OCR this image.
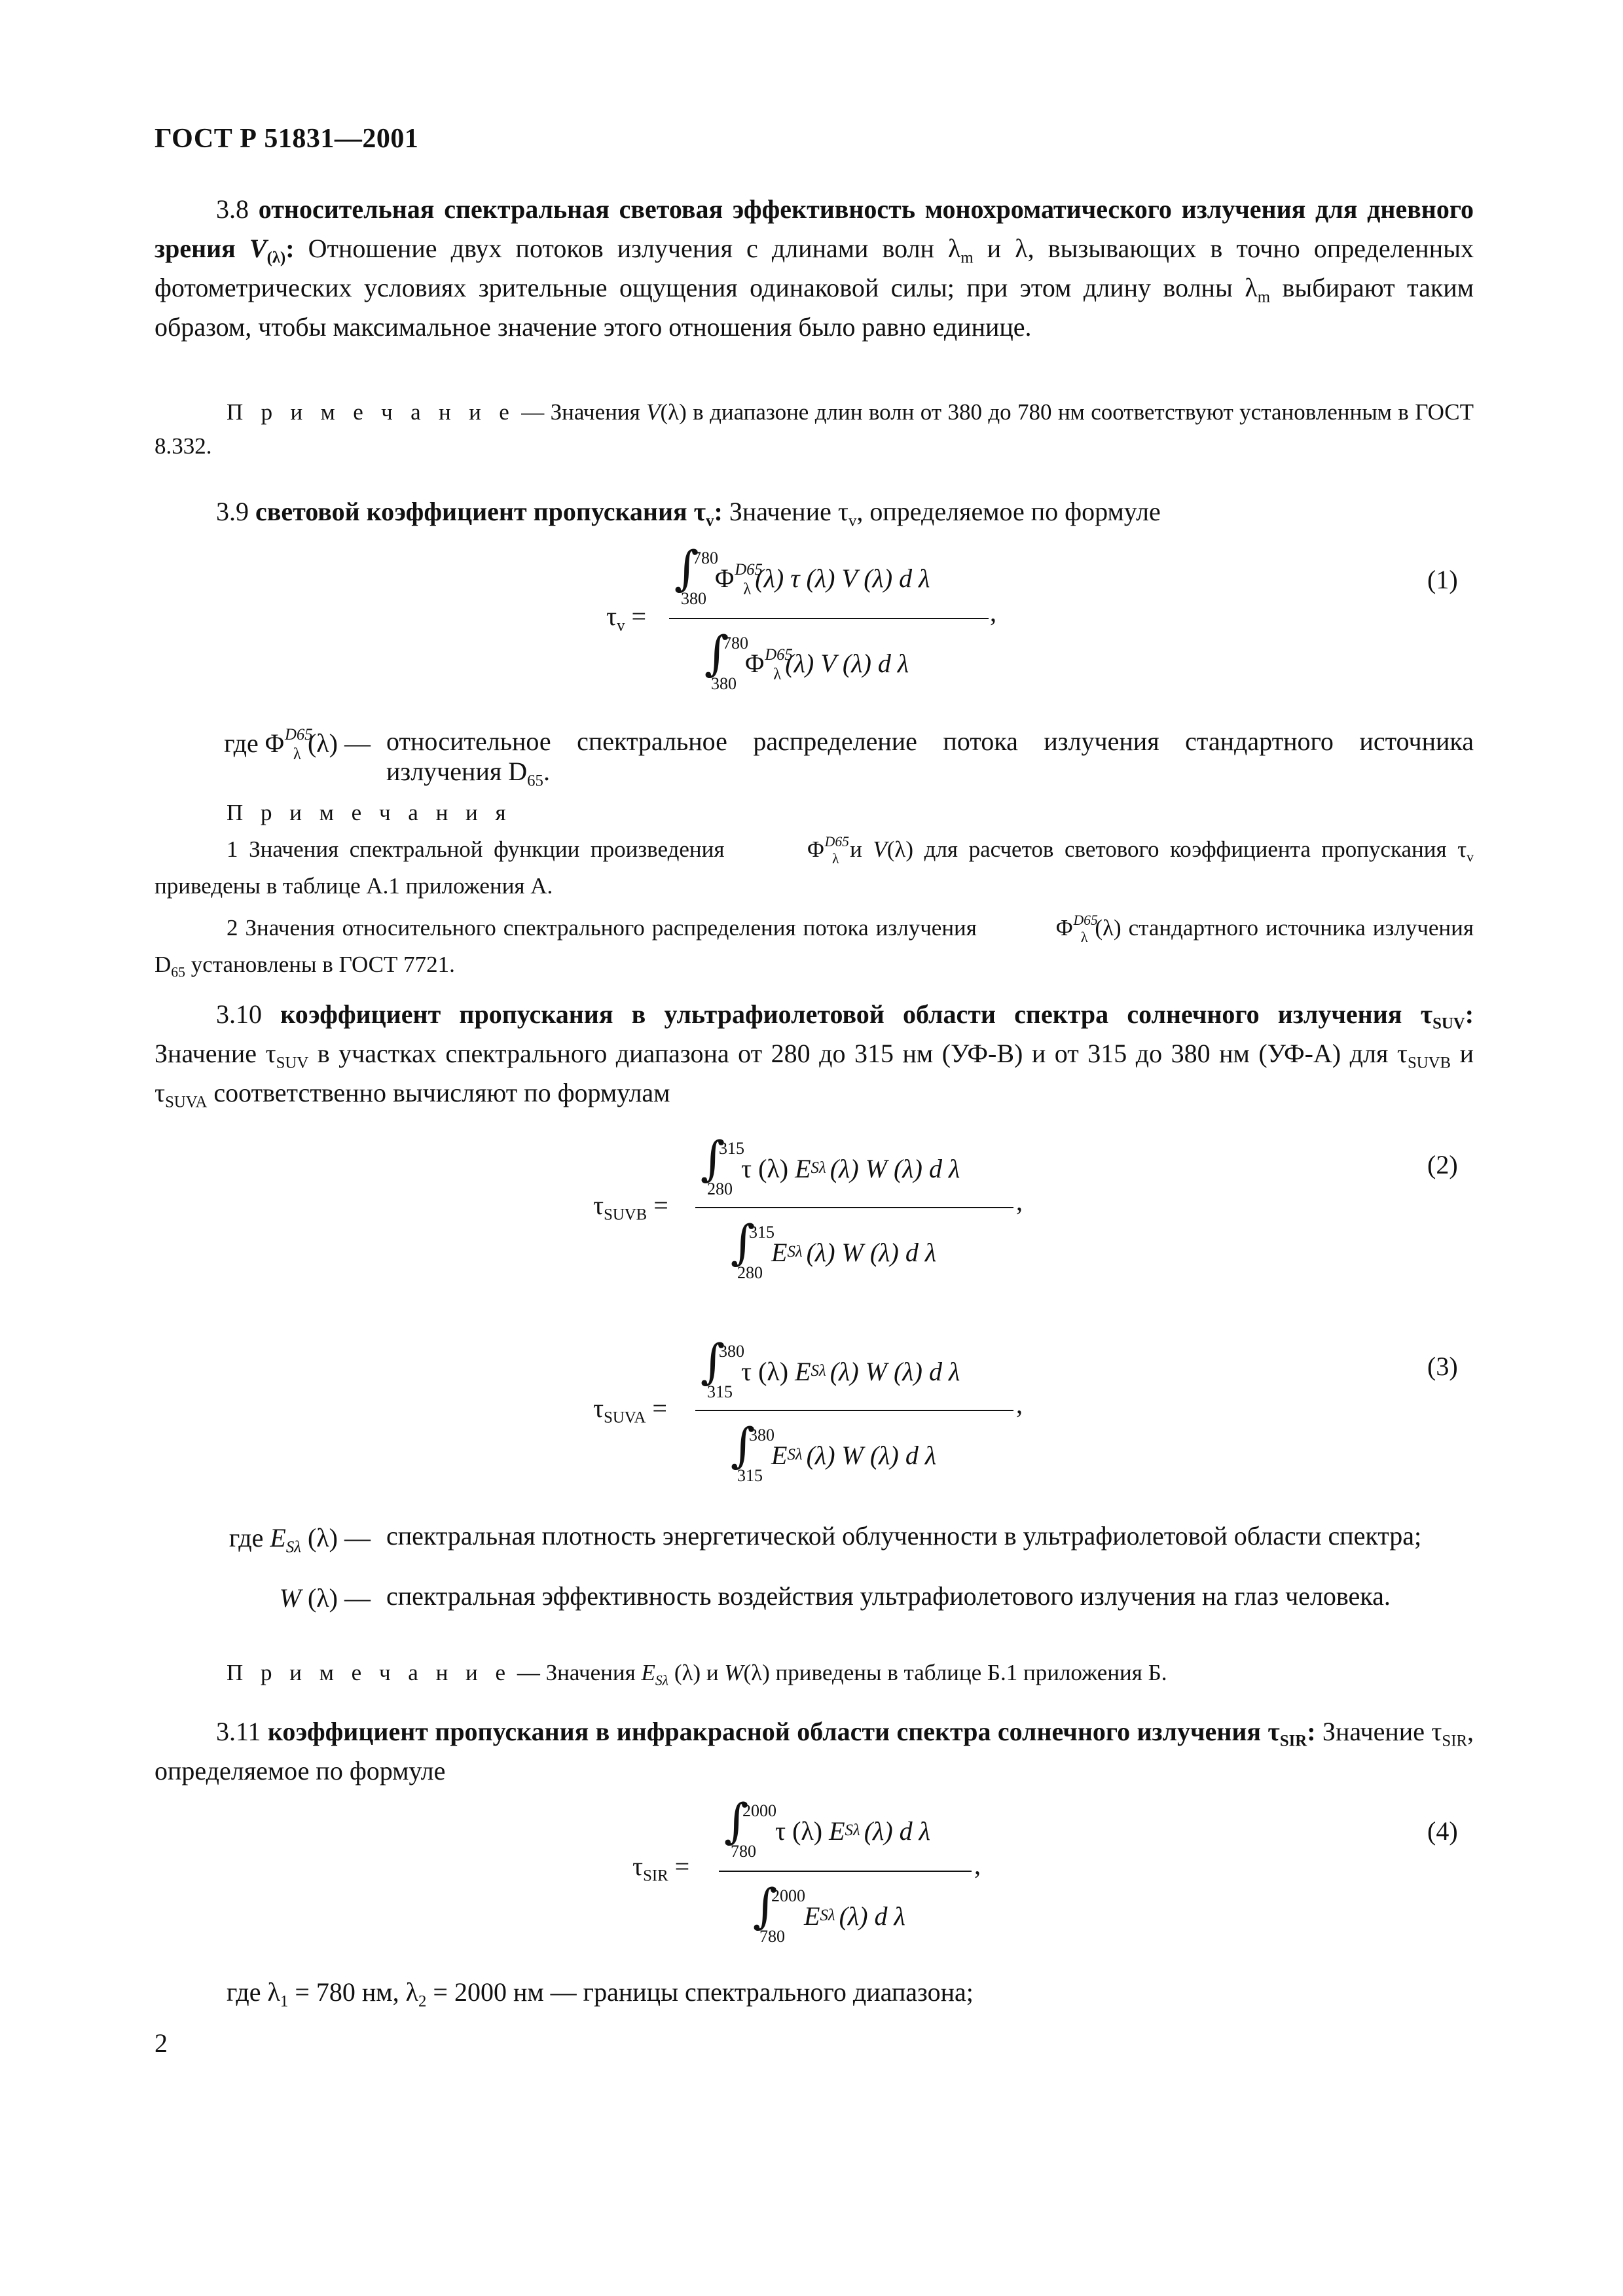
ГОСТ Р 51831—2001
3.8 относительная спектральная световая эффективность монохроматического излучения для дневного зрения $V_{(\lambda)}$: Отношение двух потоков излучения с длинами волн $\lambda_m$ и λ, вызывающих в точно определенных фотометрических условиях зрительные ощущения одинаковой силы; при этом длину волны $\lambda_m$ выбирают таким образом, чтобы максимальное значение этого отношения было равно единице.
П р и м е ч а н и е — Значения V(λ) в диапазоне длин волн от 380 до 780 нм соответствуют установленным в ГОСТ 8.332.
3.9 световой коэффициент пропускания $\tau_v$: Значение $\tau_v$, определяемое по формуле
$\tau_v$ =
∫
780
380
$\Phi^{D65}_\lambda$ (λ) τ (λ) V (λ) d λ
,
∫
780
380
$\Phi^{D65}_\lambda$ (λ) V (λ) d λ
(1)
где $\Phi^{D65}_\lambda$ (λ) — относительное спектральное распределение потока излучения стандартного источника излучения $D_{65}$.
П р и м е ч а н и я
1 Значения спектральной функции произведения	$\Phi^{D65}_\lambda$ и V(λ) для расчетов светового коэффициента пропускания $\tau_v$ приведены в таблице А.1 приложения А.
2 Значения относительного спектрального распределения потока излучения	$\Phi^{D65}_\lambda$ (λ) стандартного источника излучения $D_{65}$ установлены в ГОСТ 7721.
3.10 коэффициент пропускания в ультрафиолетовой области спектра солнечного излучения $\tau_{SUV}$: Значение $\tau_{SUV}$ в участках спектрального диапазона от 280 до 315 нм (УФ-В) и от 315 до 380 нм (УФ-А) для $\tau_{SUVB}$ и $\tau_{SUVA}$ соответственно вычисляют по формулам
$\tau_{SUVB}$ =
∫
315
280
τ (λ)
E Sλ (λ) W (λ) d λ
,
∫
315
280
E Sλ (λ) W (λ) d λ
(2)
$\tau_{SUVA}$ =
∫
380
315
τ (λ)
E Sλ (λ) W (λ) d λ
,
∫
380
315
E Sλ (λ) W (λ) d λ
(3)
где $E_{S\lambda}$ (λ) — спектральная плотность энергетической облученности в ультрафиолетовой области спектра;
W (λ) — спектральная эффективность воздействия ультрафиолетового излучения на глаз человека.
П р и м е ч а н и е — Значения $E_{S\lambda}$ (λ) и W(λ) приведены в таблице Б.1 приложения Б.
3.11 коэффициент пропускания в инфракрасной области спектра солнечного излучения $\tau_{SIR}$: Значение $\tau_{SIR}$, определяемое по формуле
$\tau_{SIR}$ =
∫
2000
780
τ (λ)
E Sλ (λ) d λ
,
∫
2000
780
E Sλ (λ) d λ
(4)
где $\lambda_1 = 780$ нм, $\lambda_2 = 2000$ нм — границы спектрального диапазона;
2
